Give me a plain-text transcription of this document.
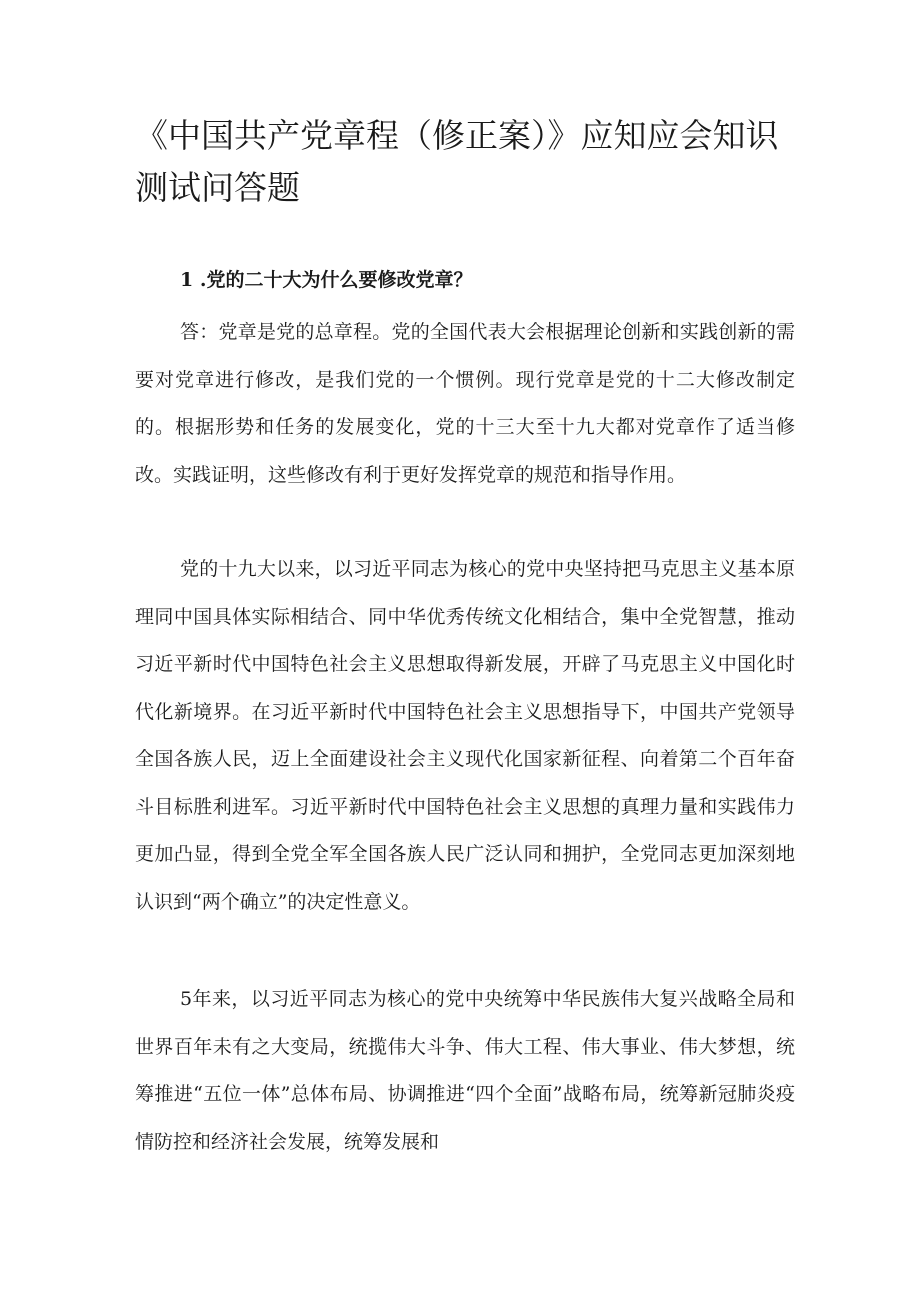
《中国共产党章程（修正案）》应知应会知识测试问答题

1 .党的二十大为什么要修改党章？

答：党章是党的总章程。党的全国代表大会根据理论创新和实践创新的需要对党章进行修改，是我们党的一个惯例。现行党章是党的十二大修改制定的。根据形势和任务的发展变化，党的十三大至十九大都对党章作了适当修改。实践证明，这些修改有利于更好发挥党章的规范和指导作用。

党的十九大以来，以习近平同志为核心的党中央坚持把马克思主义基本原理同中国具体实际相结合、同中华优秀传统文化相结合，集中全党智慧，推动习近平新时代中国特色社会主义思想取得新发展，开辟了马克思主义中国化时代化新境界。在习近平新时代中国特色社会主义思想指导下，中国共产党领导全国各族人民，迈上全面建设社会主义现代化国家新征程、向着第二个百年奋斗目标胜利进军。习近平新时代中国特色社会主义思想的真理力量和实践伟力更加凸显，得到全党全军全国各族人民广泛认同和拥护，全党同志更加深刻地认识到“两个确立”的决定性意义。

5年来，以习近平同志为核心的党中央统筹中华民族伟大复兴战略全局和世界百年未有之大变局，统揽伟大斗争、伟大工程、伟大事业、伟大梦想，统筹推进“五位一体”总体布局、协调推进“四个全面”战略布局，统筹新冠肺炎疫情防控和经济社会发展，统筹发展和
